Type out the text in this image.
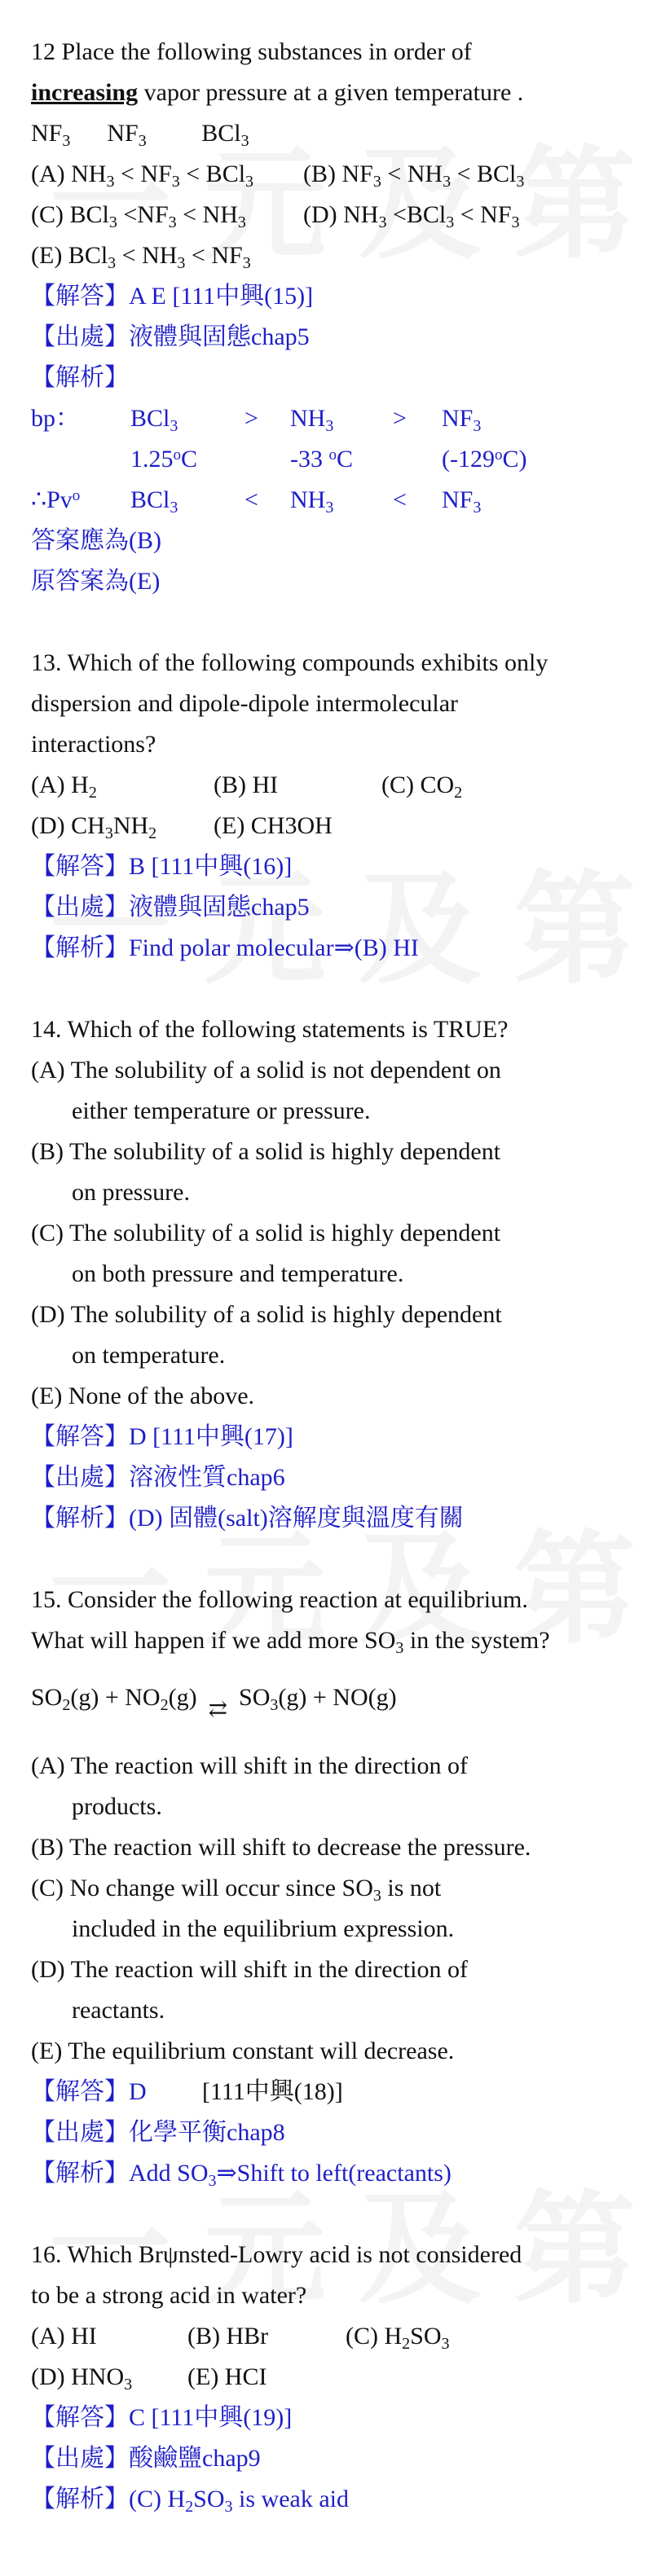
12 Place the following substances in order of
increasing vapor pressure at a given temperature .
$NF_3$      $NF_3$         BCl$_3$
(A) $NH_3 < NF_3 < BCl_3$ (B) $NF_3 < NH_3 < BCl_3$
(C) $BCl_3 <NF_3 < NH_3$ (D) $NH_3 <BCl_3 < NF_3$
(E) $BCl_3 < NH_3 < NF_3$
【解答】A E [111中興(15)]
【出處】液體與固態chap5
【解析】
bp： BCl$_3$	> $NH_3 > NF_3$
1.25$^o$C	-33 $^o$C	(-129$^o$C)
∴Pv$^o$ BCl$_3$	< $NH_3 < NF_3$
答案應為(B)
原答案為(E)
13. Which of the following compounds exhibits only
dispersion and dipole-dipole intermolecular
interactions?
(A) $H_2$	(B) HI	(C) $CO_2$
(D) $CH_3NH_2$ (E) CH3OH
【解答】B [111中興(16)]
【出處】液體與固態chap5
【解析】Find polar molecular⇒(B) HI
14. Which of the following statements is TRUE?
(A) The solubility of a solid is not dependent on
either temperature or pressure.
(B) The solubility of a solid is highly dependent
on pressure.
(C) The solubility of a solid is highly dependent
on both pressure and temperature.
(D) The solubility of a solid is highly dependent
on temperature.
(E) None of the above.
【解答】D [111中興(17)]
【出處】溶液性質chap6
【解析】(D) 固體(salt)溶解度與溫度有關
15. Consider the following reaction at equilibrium.
What will happen if we add more $SO_3$ in the system?
$SO_2(g) + NO_2(g)$ ⇄ $SO_3(g) + NO(g)$
(A) The reaction will shift in the direction of
products.
(B) The reaction will shift to decrease the pressure.
(C) No change will occur since $SO_3$ is not
included in the equilibrium expression.
(D) The reaction will shift in the direction of
reactants.
(E) The equilibrium constant will decrease.
【解答】D [111中興(18)]
【出處】化學平衡chap8
【解析】Add $SO_3\Rightarrow Shift$ to left(reactants)
16. Which Brψnsted-Lowry acid is not considered
to be a strong acid in water?
(A) HI	(B) HBr	(C) $H_2SO_3$
(D) $HNO_3$ (E) HCI
【解答】C [111中興(19)]
【出處】酸鹼鹽chap9
【解析】(C) $H_2SO_3$ is weak aid
